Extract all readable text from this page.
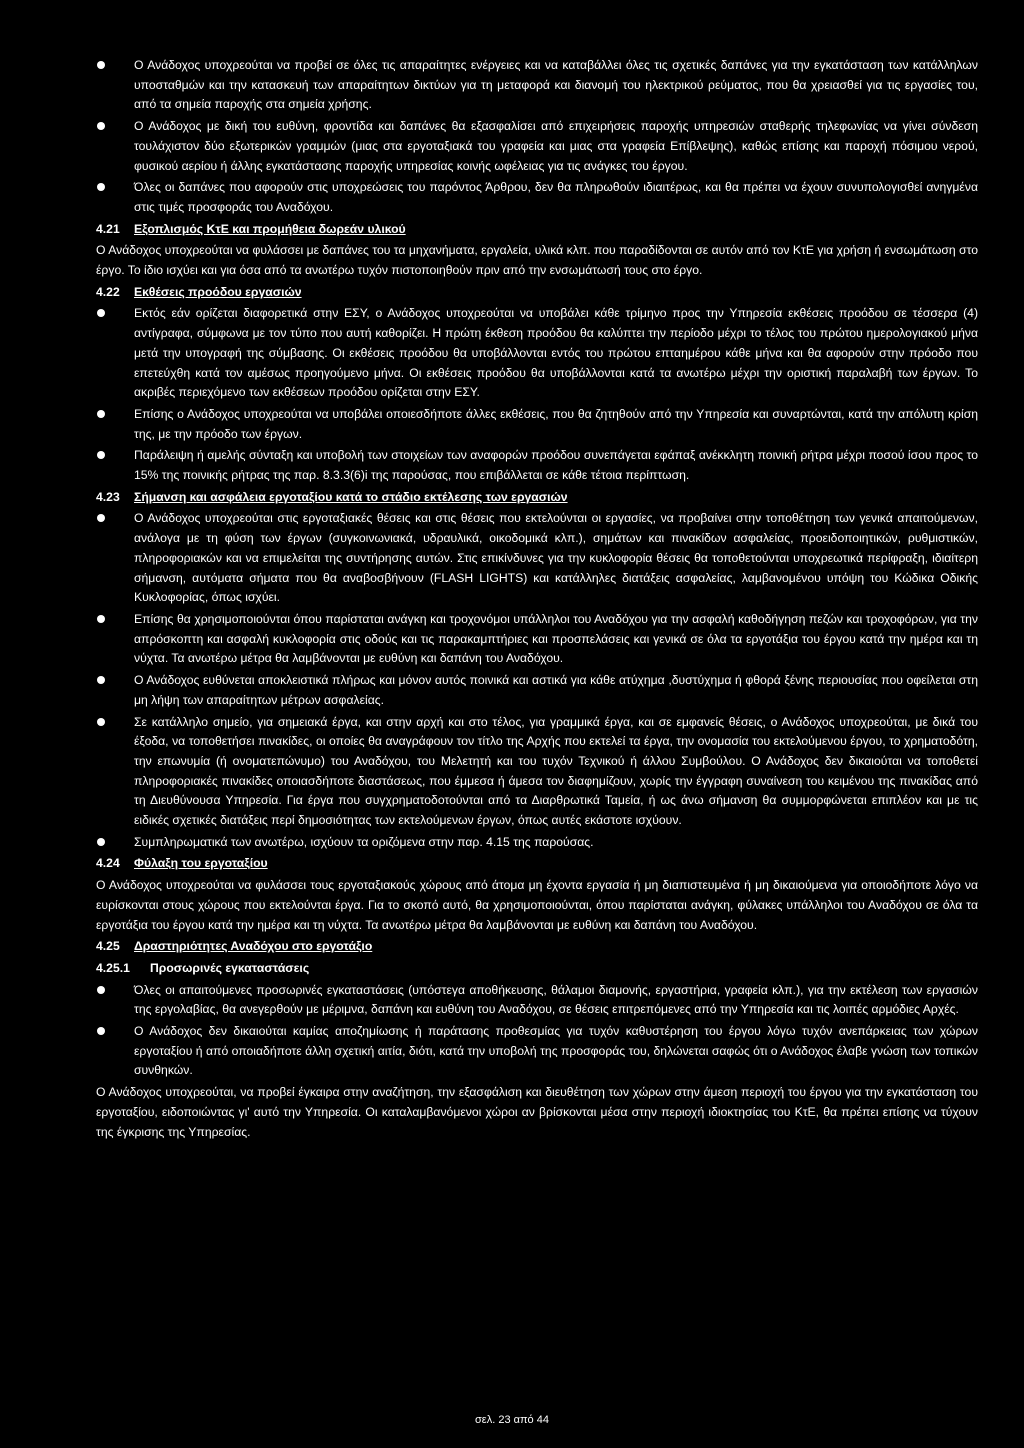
Ο Ανάδοχος υποχρεούται να προβεί σε όλες τις απαραίτητες ενέργειες και να καταβάλλει όλες τις σχετικές δαπάνες για την εγκατάσταση των κατάλληλων υποσταθμών και την κατασκευή των απαραίτητων δικτύων για τη μεταφορά και διανομή του ηλεκτρικού ρεύματος, που θα χρειασθεί για τις εργασίες του, από τα σημεία παροχής στα σημεία χρήσης.
Ο Ανάδοχος με δική του ευθύνη, φροντίδα και δαπάνες θα εξασφαλίσει από επιχειρήσεις παροχής υπηρεσιών σταθερής τηλεφωνίας να γίνει σύνδεση τουλάχιστον δύο εξωτερικών γραμμών (μιας στα εργοταξιακά του γραφεία και μιας στα γραφεία Επίβλεψης), καθώς επίσης και παροχή πόσιμου νερού, φυσικού αερίου ή άλλης εγκατάστασης παροχής υπηρεσίας κοινής ωφέλειας για τις ανάγκες του έργου.
Όλες οι δαπάνες που αφορούν στις υποχρεώσεις του παρόντος Άρθρου, δεν θα πληρωθούν ιδιαιτέρως, και θα πρέπει να έχουν συνυπολογισθεί ανηγμένα στις τιμές προσφοράς του Αναδόχου.
4.21	Εξοπλισμός ΚτΕ και προμήθεια δωρεάν υλικού
Ο Ανάδοχος υποχρεούται να φυλάσσει με δαπάνες του τα μηχανήματα, εργαλεία, υλικά κλπ. που παραδίδονται σε αυτόν από τον ΚτΕ για χρήση ή ενσωμάτωση στο έργο. Το ίδιο ισχύει και για όσα από τα ανωτέρω τυχόν πιστοποιηθούν πριν από την ενσωμάτωσή τους στο έργο.
4.22	Εκθέσεις προόδου εργασιών
Εκτός εάν ορίζεται διαφορετικά στην ΕΣΥ, ο Ανάδοχος υποχρεούται να υποβάλει κάθε τρίμηνο προς την Υπηρεσία εκθέσεις προόδου σε τέσσερα (4) αντίγραφα, σύμφωνα με τον τύπο που αυτή καθορίζει. Η πρώτη έκθεση προόδου θα καλύπτει την περίοδο μέχρι το τέλος του πρώτου ημερολογιακού μήνα μετά την υπογραφή της σύμβασης. Οι εκθέσεις προόδου θα υποβάλλονται εντός του πρώτου επταημέρου κάθε μήνα και θα αφορούν στην πρόοδο που επετεύχθη κατά τον αμέσως προηγούμενο μήνα. Οι εκθέσεις προόδου θα υποβάλλονται κατά τα ανωτέρω μέχρι την οριστική παραλαβή των έργων. Το ακριβές περιεχόμενο των εκθέσεων προόδου ορίζεται στην ΕΣΥ.
Επίσης ο Ανάδοχος υποχρεούται να υποβάλει οποιεσδήποτε άλλες εκθέσεις, που θα ζητηθούν από την Υπηρεσία και συναρτώνται, κατά την απόλυτη κρίση της, με την πρόοδο των έργων.
Παράλειψη ή αμελής σύνταξη και υποβολή των στοιχείων των αναφορών προόδου συνεπάγεται εφάπαξ ανέκκλητη ποινική ρήτρα μέχρι ποσού ίσου προς το 15% της ποινικής ρήτρας της παρ. 8.3.3(6)i της παρούσας, που επιβάλλεται σε κάθε τέτοια περίπτωση.
4.23	Σήμανση και ασφάλεια εργοταξίου κατά το στάδιο εκτέλεσης των εργασιών
Ο Ανάδοχος υποχρεούται στις εργοταξιακές θέσεις και στις θέσεις που εκτελούνται οι εργασίες, να προβαίνει στην τοποθέτηση των γενικά απαιτούμενων, ανάλογα με τη φύση των έργων (συγκοινωνιακά, υδραυλικά, οικοδομικά κλπ.), σημάτων και πινακίδων ασφαλείας, προειδοποιητικών, ρυθμιστικών, πληροφοριακών και να επιμελείται της συντήρησης αυτών. Στις επικίνδυνες για την κυκλοφορία θέσεις θα τοποθετούνται υποχρεωτικά περίφραξη, ιδιαίτερη σήμανση, αυτόματα σήματα που θα αναβοσβήνουν (FLASH LIGHTS) και κατάλληλες διατάξεις ασφαλείας, λαμβανομένου υπόψη του Κώδικα Οδικής Κυκλοφορίας, όπως ισχύει.
Επίσης θα χρησιμοποιούνται όπου παρίσταται ανάγκη και τροχονόμοι υπάλληλοι του Αναδόχου για την ασφαλή καθοδήγηση πεζών και τροχοφόρων, για την απρόσκοπτη και ασφαλή κυκλοφορία στις οδούς και τις παρακαμπτήριες και προσπελάσεις και γενικά σε όλα τα εργοτάξια του έργου κατά την ημέρα και τη νύχτα. Τα ανωτέρω μέτρα θα λαμβάνονται με ευθύνη και δαπάνη του Αναδόχου.
Ο Ανάδοχος ευθύνεται αποκλειστικά πλήρως και μόνον αυτός ποινικά και αστικά για κάθε ατύχημα ,δυστύχημα ή φθορά ξένης περιουσίας που οφείλεται στη μη λήψη των απαραίτητων μέτρων ασφαλείας.
Σε κατάλληλο σημείο, για σημειακά έργα, και στην αρχή και στο τέλος, για γραμμικά έργα, και σε εμφανείς θέσεις, ο Ανάδοχος υποχρεούται, με δικά του έξοδα, να τοποθετήσει πινακίδες, οι οποίες θα αναγράφουν τον τίτλο της Αρχής που εκτελεί τα έργα, την ονομασία του εκτελούμενου έργου, το χρηματοδότη, την επωνυμία (ή ονοματεπώνυμο) του Αναδόχου, του Μελετητή και του τυχόν Τεχνικού ή άλλου Συμβούλου. Ο Ανάδοχος δεν δικαιούται να τοποθετεί πληροφοριακές πινακίδες οποιασδήποτε διαστάσεως, που έμμεσα ή άμεσα τον διαφημίζουν, χωρίς την έγγραφη συναίνεση του κειμένου της πινακίδας από τη Διευθύνουσα Υπηρεσία. Για έργα που συγχρηματοδοτούνται από τα Διαρθρωτικά Ταμεία, ή ως άνω σήμανση θα συμμορφώνεται επιπλέον και με τις ειδικές σχετικές διατάξεις περί δημοσιότητας των εκτελούμενων έργων, όπως αυτές εκάστοτε ισχύουν.
Συμπληρωματικά των ανωτέρω, ισχύουν τα οριζόμενα στην παρ. 4.15 της παρούσας.
4.24	Φύλαξη του εργοταξίου
Ο Ανάδοχος υποχρεούται να φυλάσσει τους εργοταξιακούς χώρους από άτομα μη έχοντα εργασία ή μη διαπιστευμένα ή μη δικαιούμενα για οποιοδήποτε λόγο να ευρίσκονται στους χώρους που εκτελούνται έργα. Για το σκοπό αυτό, θα χρησιμοποιούνται, όπου παρίσταται ανάγκη, φύλακες υπάλληλοι του Αναδόχου σε όλα τα εργοτάξια του έργου κατά την ημέρα και τη νύχτα. Τα ανωτέρω μέτρα θα λαμβάνονται με ευθύνη και δαπάνη του Αναδόχου.
4.25	Δραστηριότητες Αναδόχου στο εργοτάξιο
4.25.1	Προσωρινές εγκαταστάσεις
Όλες οι απαιτούμενες προσωρινές εγκαταστάσεις (υπόστεγα αποθήκευσης, θάλαμοι διαμονής, εργαστήρια, γραφεία κλπ.), για την εκτέλεση των εργασιών της εργολαβίας, θα ανεγερθούν με μέριμνα, δαπάνη και ευθύνη του Αναδόχου, σε θέσεις επιτρεπόμενες από την Υπηρεσία και τις λοιπές αρμόδιες Αρχές.
Ο Ανάδοχος δεν δικαιούται καμίας αποζημίωσης ή παράτασης προθεσμίας για τυχόν καθυστέρηση του έργου λόγω τυχόν ανεπάρκειας των χώρων εργοταξίου ή από οποιαδήποτε άλλη σχετική αιτία, διότι, κατά την υποβολή της προσφοράς του, δηλώνεται σαφώς ότι ο Ανάδοχος έλαβε γνώση των τοπικών συνθηκών.
Ο Ανάδοχος υποχρεούται, να προβεί έγκαιρα στην αναζήτηση, την εξασφάλιση και διευθέτηση των χώρων στην άμεση περιοχή του έργου για την εγκατάσταση του εργοταξίου, ειδοποιώντας γι' αυτό την Υπηρεσία. Οι καταλαμβανόμενοι χώροι αν βρίσκονται μέσα στην περιοχή ιδιοκτησίας του ΚτΕ, θα πρέπει επίσης να τύχουν της έγκρισης της Υπηρεσίας.
σελ. 23 από 44
